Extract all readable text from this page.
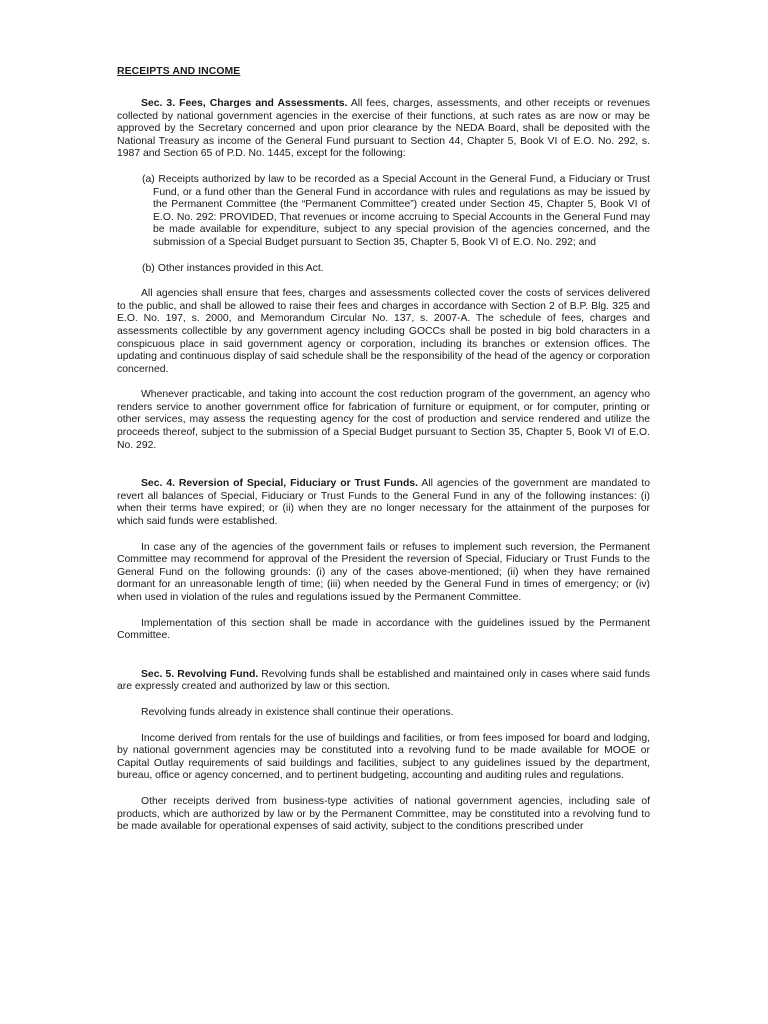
RECEIPTS AND INCOME

Sec. 3. Fees, Charges and Assessments. All fees, charges, assessments, and other receipts or revenues collected by national government agencies in the exercise of their functions, at such rates as are now or may be approved by the Secretary concerned and upon prior clearance by the NEDA Board, shall be deposited with the National Treasury as income of the General Fund pursuant to Section 44, Chapter 5, Book VI of E.O. No. 292, s. 1987 and Section 65 of P.D. No. 1445, except for the following:

(a) Receipts authorized by law to be recorded as a Special Account in the General Fund, a Fiduciary or Trust Fund, or a fund other than the General Fund in accordance with rules and regulations as may be issued by the Permanent Committee (the “Permanent Committee”) created under Section 45, Chapter 5, Book VI of E.O. No. 292: PROVIDED, That revenues or income accruing to Special Accounts in the General Fund may be made available for expenditure, subject to any special provision of the agencies concerned, and the submission of a Special Budget pursuant to Section 35, Chapter 5, Book VI of E.O. No. 292; and

(b) Other instances provided in this Act.

All agencies shall ensure that fees, charges and assessments collected cover the costs of services delivered to the public, and shall be allowed to raise their fees and charges in accordance with Section 2 of B.P. Blg. 325 and E.O. No. 197, s. 2000, and Memorandum Circular No. 137, s. 2007-A. The schedule of fees, charges and assessments collectible by any government agency including GOCCs shall be posted in big bold characters in a conspicuous place in said government agency or corporation, including its branches or extension offices. The updating and continuous display of said schedule shall be the responsibility of the head of the agency or corporation concerned.

Whenever practicable, and taking into account the cost reduction program of the government, an agency who renders service to another government office for fabrication of furniture or equipment, or for computer, printing or other services, may assess the requesting agency for the cost of production and service rendered and utilize the proceeds thereof, subject to the submission of a Special Budget pursuant to Section 35, Chapter 5, Book VI of E.O. No. 292.

Sec. 4. Reversion of Special, Fiduciary or Trust Funds. All agencies of the government are mandated to revert all balances of Special, Fiduciary or Trust Funds to the General Fund in any of the following instances: (i) when their terms have expired; or (ii) when they are no longer necessary for the attainment of the purposes for which said funds were established.

In case any of the agencies of the government fails or refuses to implement such reversion, the Permanent Committee may recommend for approval of the President the reversion of Special, Fiduciary or Trust Funds to the General Fund on the following grounds: (i) any of the cases above-mentioned; (ii) when they have remained dormant for an unreasonable length of time; (iii) when needed by the General Fund in times of emergency; or (iv) when used in violation of the rules and regulations issued by the Permanent Committee.

Implementation of this section shall be made in accordance with the guidelines issued by the Permanent Committee.

Sec. 5. Revolving Fund. Revolving funds shall be established and maintained only in cases where said funds are expressly created and authorized by law or this section.

Revolving funds already in existence shall continue their operations.

Income derived from rentals for the use of buildings and facilities, or from fees imposed for board and lodging, by national government agencies may be constituted into a revolving fund to be made available for MOOE or Capital Outlay requirements of said buildings and facilities, subject to any guidelines issued by the department, bureau, office or agency concerned, and to pertinent budgeting, accounting and auditing rules and regulations.

Other receipts derived from business-type activities of national government agencies, including sale of products, which are authorized by law or by the Permanent Committee, may be constituted into a revolving fund to be made available for operational expenses of said activity, subject to the conditions prescribed under
